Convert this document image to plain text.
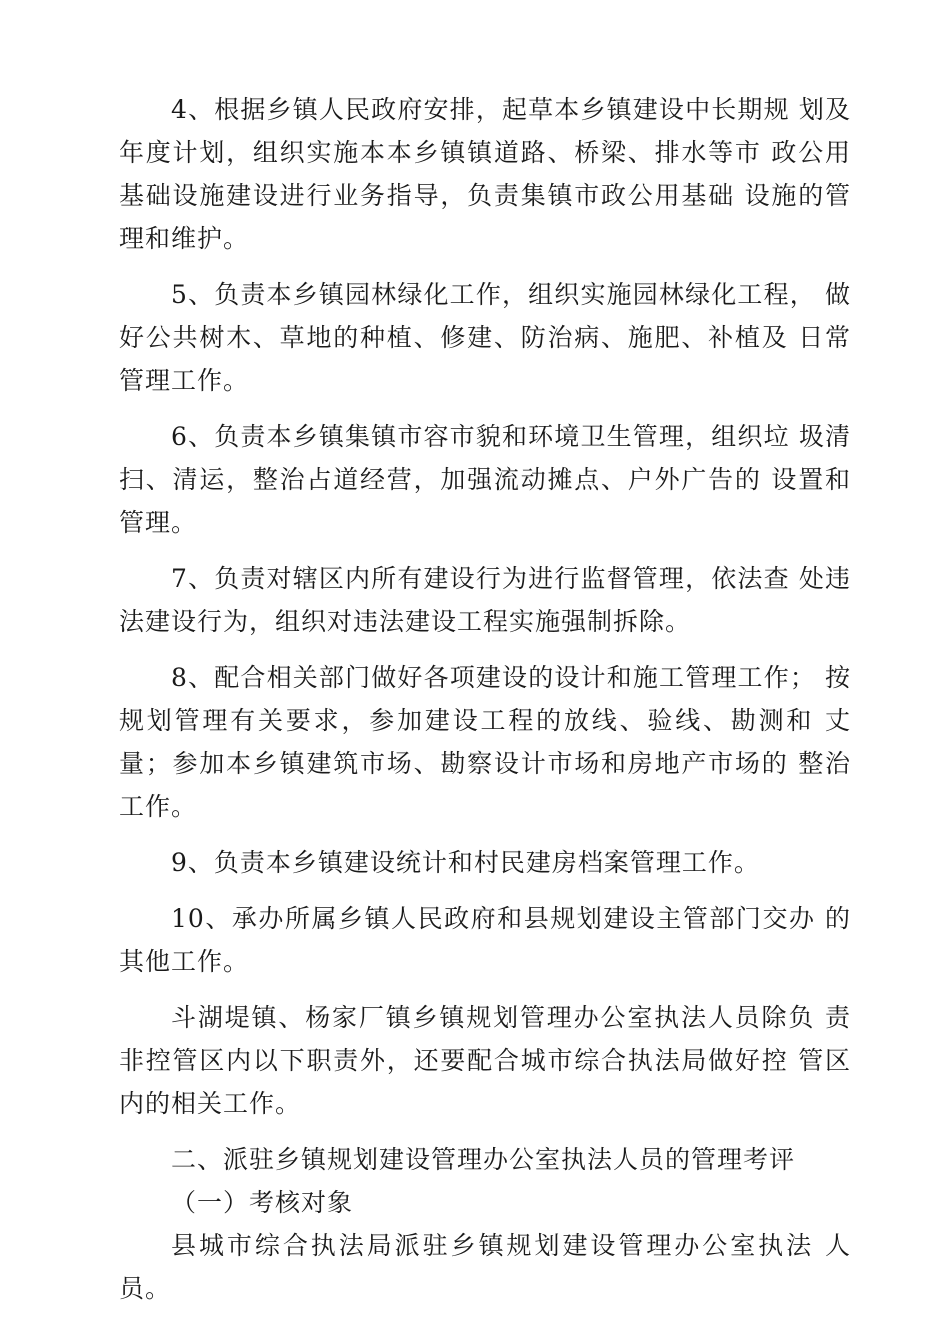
4、根据乡镇人民政府安排，起草本乡镇建设中长期规 划及年度计划，组织实施本本乡镇镇道路、桥梁、排水等市 政公用基础设施建设进行业务指导，负责集镇市政公用基础 设施的管理和维护。

5、负责本乡镇园林绿化工作，组织实施园林绿化工程， 做好公共树木、草地的种植、修建、防治病、施肥、补植及 日常管理工作。

6、负责本乡镇集镇市容市貌和环境卫生管理，组织垃 圾清扫、清运，整治占道经营，加强流动摊点、户外广告的 设置和管理。

7、负责对辖区内所有建设行为进行监督管理，依法查 处违法建设行为，组织对违法建设工程实施强制拆除。

8、配合相关部门做好各项建设的设计和施工管理工作； 按规划管理有关要求，参加建设工程的放线、验线、勘测和 丈量；参加本乡镇建筑市场、勘察设计市场和房地产市场的 整治工作。

9、负责本乡镇建设统计和村民建房档案管理工作。

10、承办所属乡镇人民政府和县规划建设主管部门交办 的其他工作。

斗湖堤镇、杨家厂镇乡镇规划管理办公室执法人员除负 责非控管区内以下职责外，还要配合城市综合执法局做好控 管区内的相关工作。

二、派驻乡镇规划建设管理办公室执法人员的管理考评

（一）考核对象

县城市综合执法局派驻乡镇规划建设管理办公室执法 人员。
